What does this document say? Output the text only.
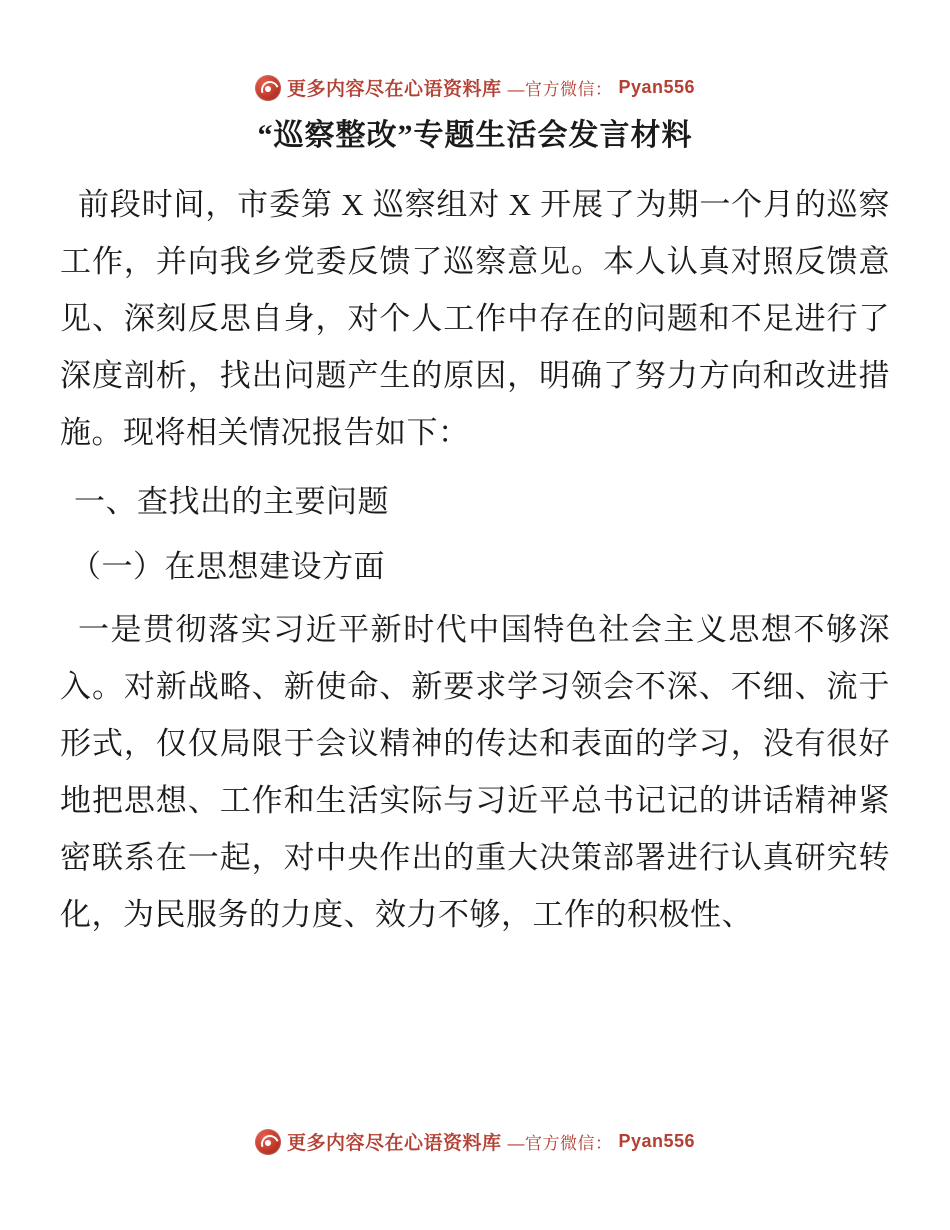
更多内容尽在心语资料库 —官方微信： Pyan556
“巡察整改”专题生活会发言材料

前段时间，市委第 X 巡察组对 X 开展了为期一个月的巡察工作，并向我乡党委反馈了巡察意见。本人认真对照反馈意见、深刻反思自身，对个人工作中存在的问题和不足进行了深度剖析，找出问题产生的原因，明确了努力方向和改进措施。现将相关情况报告如下：

一、查找出的主要问题

（一）在思想建设方面

一是贯彻落实习近平新时代中国特色社会主义思想不够深入。对新战略、新使命、新要求学习领会不深、不细、流于形式，仅仅局限于会议精神的传达和表面的学习，没有很好地把思想、工作和生活实际与习近平总书记记的讲话精神紧密联系在一起，对中央作出的重大决策部署进行认真研究转化，为民服务的力度、效力不够，工作的积极性、

更多内容尽在心语资料库 —官方微信： Pyan556
